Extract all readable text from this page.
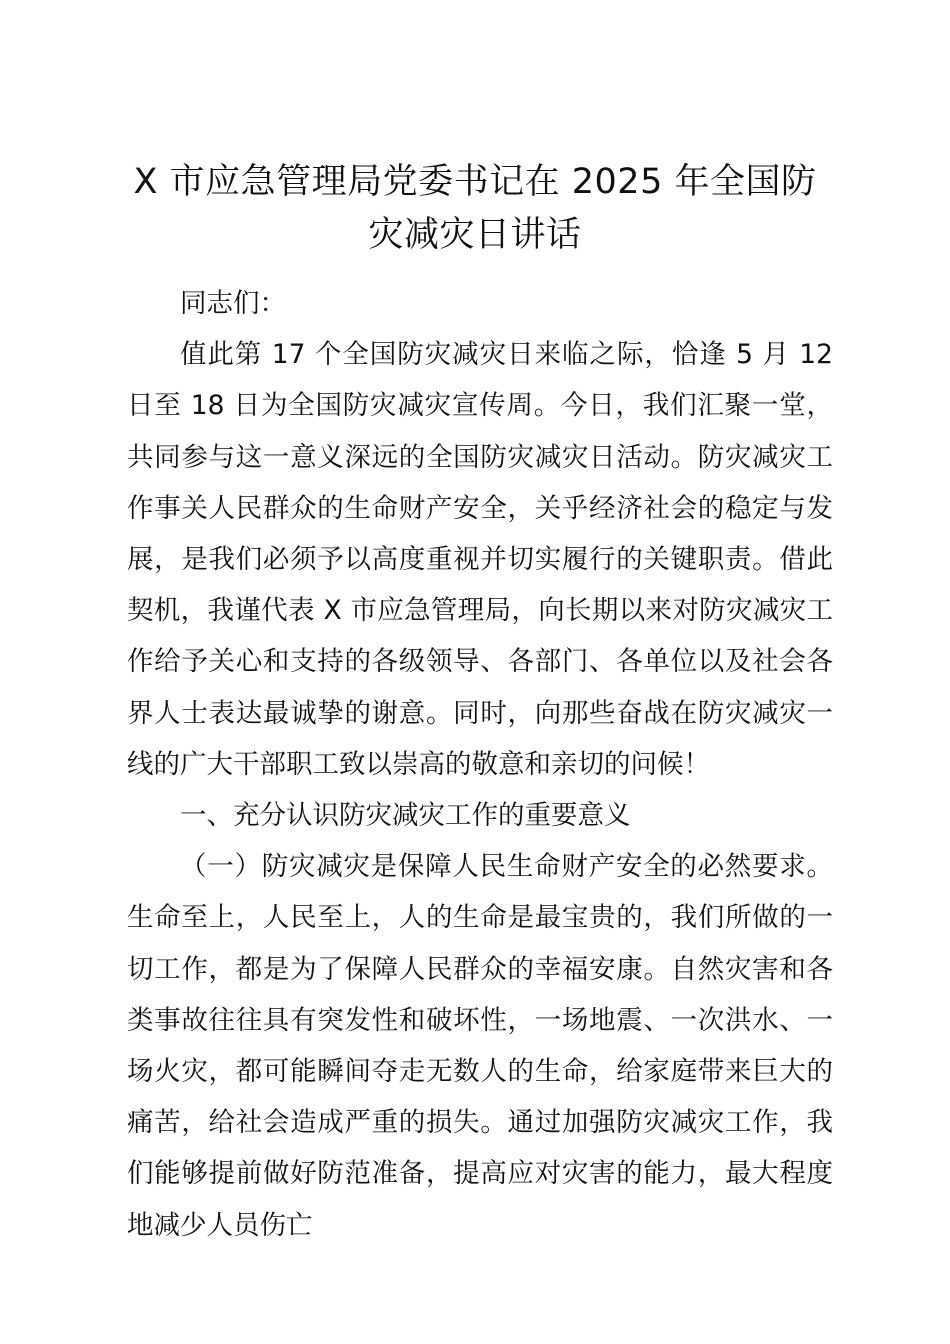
X 市应急管理局党委书记在 2025 年全国防灾减灾日讲话

同志们：

值此第 17 个全国防灾减灾日来临之际，恰逢 5 月 12 日至 18 日为全国防灾减灾宣传周。今日，我们汇聚一堂，共同参与这一意义深远的全国防灾减灾日活动。防灾减灾工作事关人民群众的生命财产安全，关乎经济社会的稳定与发展，是我们必须予以高度重视并切实履行的关键职责。借此契机，我谨代表 X 市应急管理局，向长期以来对防灾减灾工作给予关心和支持的各级领导、各部门、各单位以及社会各界人士表达最诚挚的谢意。同时，向那些奋战在防灾减灾一线的广大干部职工致以崇高的敬意和亲切的问候！

一、充分认识防灾减灾工作的重要意义

（一）防灾减灾是保障人民生命财产安全的必然要求。生命至上，人民至上，人的生命是最宝贵的，我们所做的一切工作，都是为了保障人民群众的幸福安康。自然灾害和各类事故往往具有突发性和破坏性，一场地震、一次洪水、一场火灾，都可能瞬间夺走无数人的生命，给家庭带来巨大的痛苦，给社会造成严重的损失。通过加强防灾减灾工作，我们能够提前做好防范准备，提高应对灾害的能力，最大程度地减少人员伤亡
